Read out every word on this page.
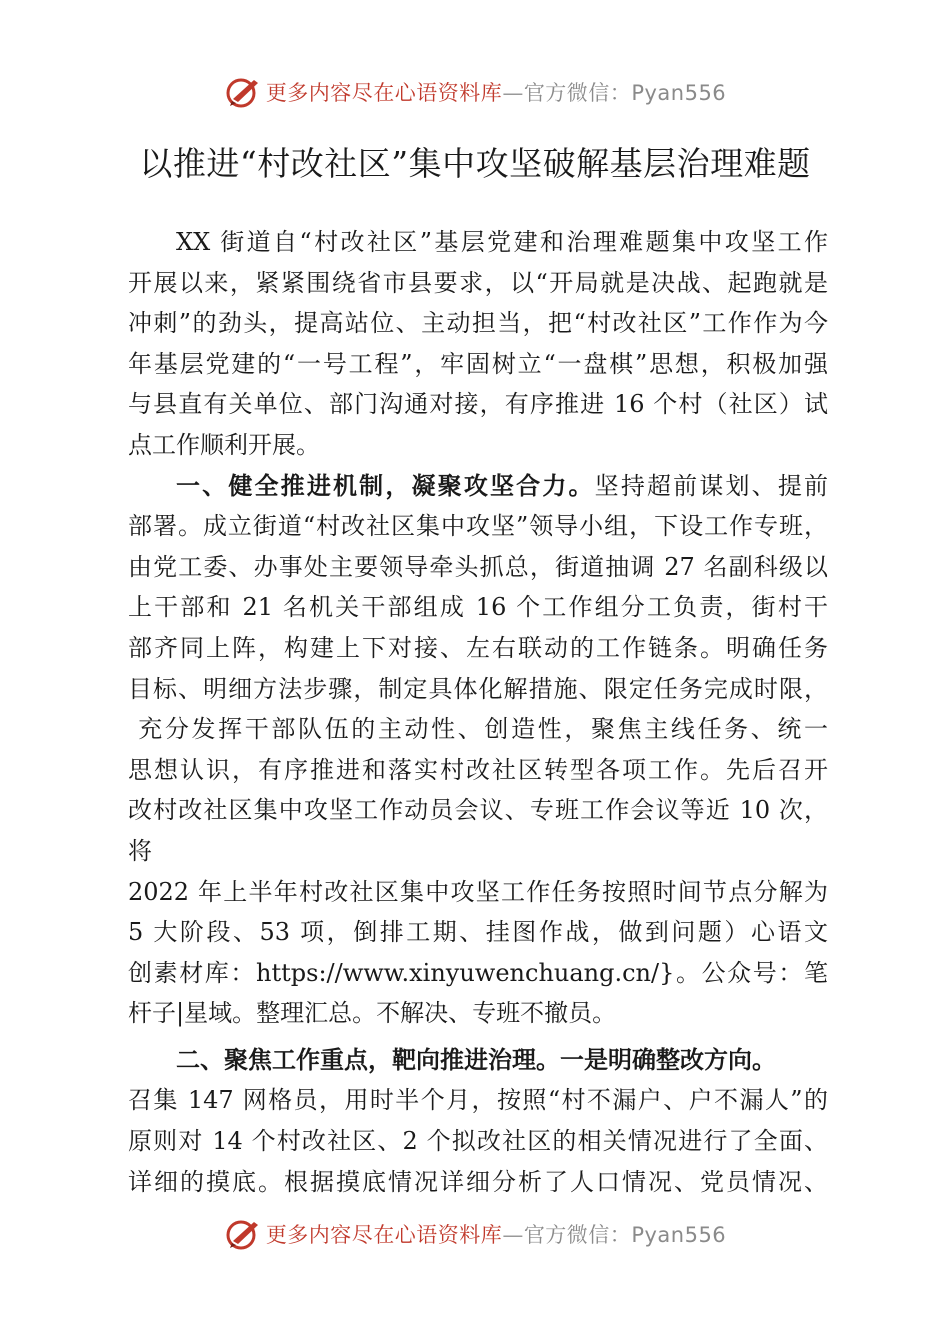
更多内容尽在心语资料库—官方微信：Pyan556
以推进“村改社区”集中攻坚破解基层治理难题
XX 街道自“村改社区”基层党建和治理难题集中攻坚工作
开展以来，紧紧围绕省市县要求，以“开局就是决战、起跑就是
冲刺”的劲头，提高站位、主动担当，把“村改社区”工作作为今
年基层党建的“一号工程”，牢固树立“一盘棋”思想，积极加强
与县直有关单位、部门沟通对接，有序推进 16 个村（社区）试
点工作顺利开展。
一、健全推进机制，凝聚攻坚合力。坚持超前谋划、提前
部署。成立街道“村改社区集中攻坚”领导小组，下设工作专班，
由党工委、办事处主要领导牵头抓总，街道抽调 27 名副科级以
上干部和 21 名机关干部组成 16 个工作组分工负责，街村干
部齐同上阵，构建上下对接、左右联动的工作链条。明确任务
目标、明细方法步骤，制定具体化解措施、限定任务完成时限，
充分发挥干部队伍的主动性、创造性，聚焦主线任务、统一
思想认识，有序推进和落实村改社区转型各项工作。先后召开
改村改社区集中攻坚工作动员会议、专班工作会议等近 10 次，
将
2022 年上半年村改社区集中攻坚工作任务按照时间节点分解为
5 大阶段、53 项，倒排工期、挂图作战，做到问题）心语文
创素材库：https://www.xinyuwenchuang.cn/}。公众号：笔
杆子|星域。整理汇总。不解决、专班不撤员。
二、聚焦工作重点，靶向推进治理。一是明确整改方向。
召集 147 网格员，用时半个月，按照“村不漏户、户不漏人”的
原则对 14 个村改社区、2 个拟改社区的相关情况进行了全面、
详细的摸底。根据摸底情况详细分析了人口情况、党员情况、
更多内容尽在心语资料库—官方微信：Pyan556
